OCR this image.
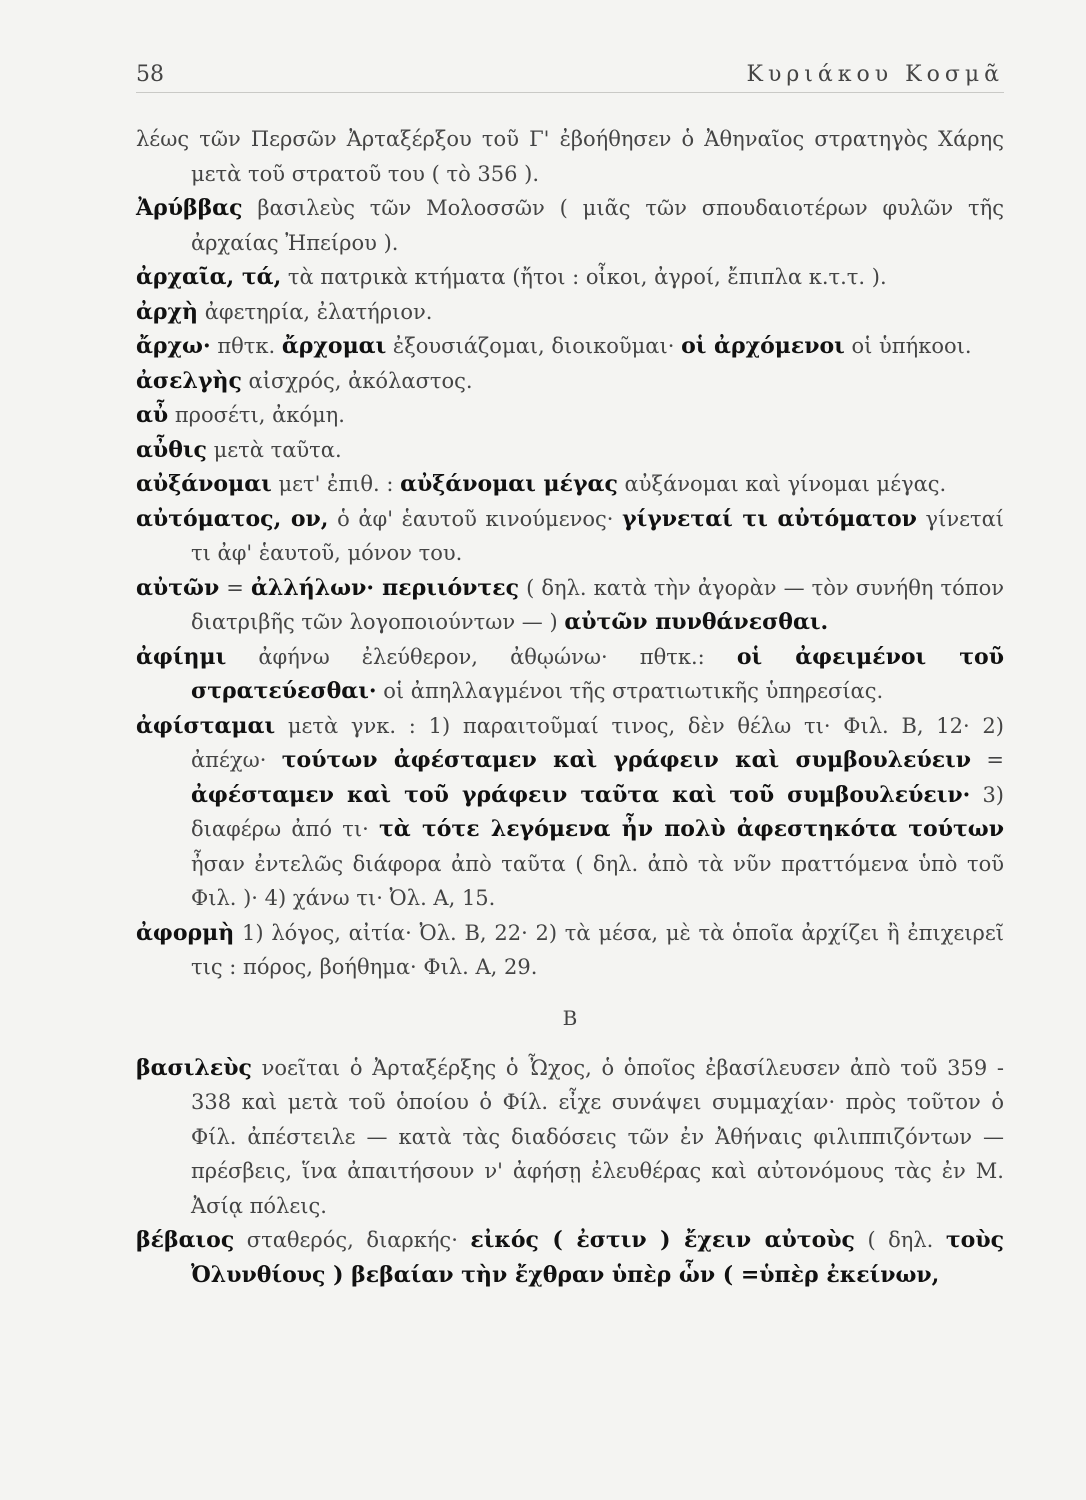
58	Κυριάκου Κοσμᾶ

λέως τῶν Περσῶν Ἀρταξέρξου τοῦ Γ' ἐβοήθησεν ὁ Ἀθηναῖος στρατηγὸς Χάρης μετὰ τοῦ στρατοῦ του ( τὸ 356 ).

Ἀρύββας βασιλεὺς τῶν Μολοσσῶν ( μιᾶς τῶν σπουδαιοτέρων φυλῶν τῆς ἀρχαίας Ἠπείρου ).

ἀρχαῖα, τά, τὰ πατρικὰ κτήματα (ἤτοι : οἶκοι, ἀγροί, ἔπιπλα κ.τ.τ. ).

ἀρχὴ ἀφετηρία, ἐλατήριον.

ἄρχω· πθτκ. ἄρχομαι ἐξουσιάζομαι, διοικοῦμαι· οἱ ἀρχόμενοι οἱ ὑπήκοοι.

ἀσελγὴς αἰσχρός, ἀκόλαστος.

αὖ προσέτι, ἀκόμη.

αὖθις μετὰ ταῦτα.

αὐξάνομαι μετ' ἐπιθ. : αὐξάνομαι μέγας αὐξάνομαι καὶ γίνομαι μέγας.

αὐτόματος, ον, ὁ ἀφ' ἑαυτοῦ κινούμενος· γίγνεταί τι αὐτόματον γίνεταί τι ἀφ' ἑαυτοῦ, μόνον του.

αὐτῶν = ἀλλήλων· περιιόντες ( δηλ. κατὰ τὴν ἀγορὰν — τὸν συνήθη τόπον διατριβῆς τῶν λογοποιούντων — ) αὐτῶν πυνθάνεσθαι.

ἀφίημι ἀφήνω ἐλεύθερον, ἀθῳώνω· πθτκ.: οἱ ἀφειμένοι τοῦ στρατεύεσθαι· οἱ ἀπηλλαγμένοι τῆς στρατιωτικῆς ὑπηρεσίας.

ἀφίσταμαι μετὰ γνκ. : 1) παραιτοῦμαί τινος, δὲν θέλω τι· Φιλ. Β, 12· 2) ἀπέχω· τούτων ἀφέσταμεν καὶ γράφειν καὶ συμβουλεύειν = ἀφέσταμεν καὶ τοῦ γράφειν ταῦτα καὶ τοῦ συμβουλεύειν· 3) διαφέρω ἀπό τι· τὰ τότε λεγόμενα ἦν πολὺ ἀφεστηκότα τούτων ἦσαν ἐντελῶς διάφορα ἀπὸ ταῦτα ( δηλ. ἀπὸ τὰ νῦν πραττόμενα ὑπὸ τοῦ Φιλ. )· 4) χάνω τι· Ὀλ. Α, 15.

ἀφορμὴ 1) λόγος, αἰτία· Ὀλ. Β, 22· 2) τὰ μέσα, μὲ τὰ ὁποῖα ἀρχίζει ἢ ἐπιχειρεῖ τις : πόρος, βοήθημα· Φιλ. Α, 29.

Β

βασιλεὺς νοεῖται ὁ Ἀρταξέρξης ὁ Ὦχος, ὁ ὁποῖος ἐβασίλευσεν ἀπὸ τοῦ 359 - 338 καὶ μετὰ τοῦ ὁποίου ὁ Φίλ. εἶχε συνάψει συμμαχίαν· πρὸς τοῦτον ὁ Φίλ. ἀπέστειλε — κατὰ τὰς διαδόσεις τῶν ἐν Ἀθήναις φιλιππιζόντων — πρέσβεις, ἵνα ἀπαιτήσουν ν' ἀφήσῃ ἐλευθέρας καὶ αὐτονόμους τὰς ἐν Μ. Ἀσίᾳ πόλεις.

βέβαιος σταθερός, διαρκής· εἰκός ( ἐστιν ) ἔχειν αὐτοὺς ( δηλ. τοὺς Ὀλυνθίους ) βεβαίαν τὴν ἔχθραν ὑπὲρ ὧν ( =ὑπὲρ ἐκείνων,
